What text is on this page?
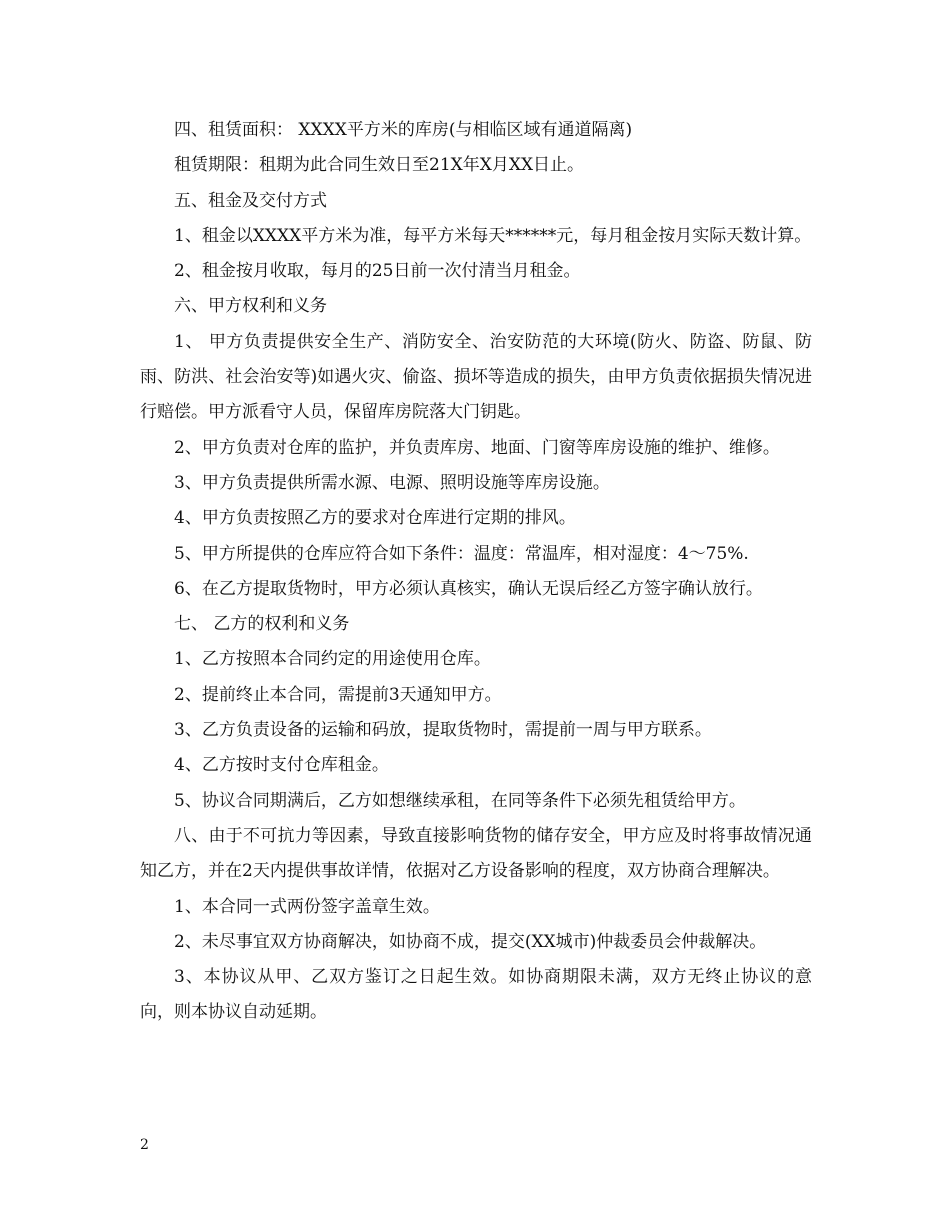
四、租赁面积： XXXX平方米的库房(与相临区域有通道隔离)

租赁期限：租期为此合同生效日至21X年X月XX日止。

五、租金及交付方式

1、租金以XXXX平方米为准，每平方米每天******元，每月租金按月实际天数计算。

2、租金按月收取，每月的25日前一次付清当月租金。

六、甲方权利和义务

1、 甲方负责提供安全生产、消防安全、治安防范的大环境(防火、防盗、防鼠、防雨、防洪、社会治安等)如遇火灾、偷盗、损坏等造成的损失，由甲方负责依据损失情况进行赔偿。甲方派看守人员，保留库房院落大门钥匙。

2、甲方负责对仓库的监护，并负责库房、地面、门窗等库房设施的维护、维修。

3、甲方负责提供所需水源、电源、照明设施等库房设施。

4、甲方负责按照乙方的要求对仓库进行定期的排风。

5、甲方所提供的仓库应符合如下条件：温度：常温库，相对湿度：4～75%.

6、在乙方提取货物时，甲方必须认真核实，确认无误后经乙方签字确认放行。

七、 乙方的权利和义务

1、乙方按照本合同约定的用途使用仓库。

2、提前终止本合同，需提前3天通知甲方。

3、乙方负责设备的运输和码放，提取货物时，需提前一周与甲方联系。

4、乙方按时支付仓库租金。

5、协议合同期满后，乙方如想继续承租，在同等条件下必须先租赁给甲方。

八、由于不可抗力等因素，导致直接影响货物的储存安全，甲方应及时将事故情况通知乙方，并在2天内提供事故详情，依据对乙方设备影响的程度，双方协商合理解决。

1、本合同一式两份签字盖章生效。

2、未尽事宜双方协商解决，如协商不成，提交(XX城市)仲裁委员会仲裁解决。

3、本协议从甲、乙双方鉴订之日起生效。如协商期限未满，双方无终止协议的意向，则本协议自动延期。

2
